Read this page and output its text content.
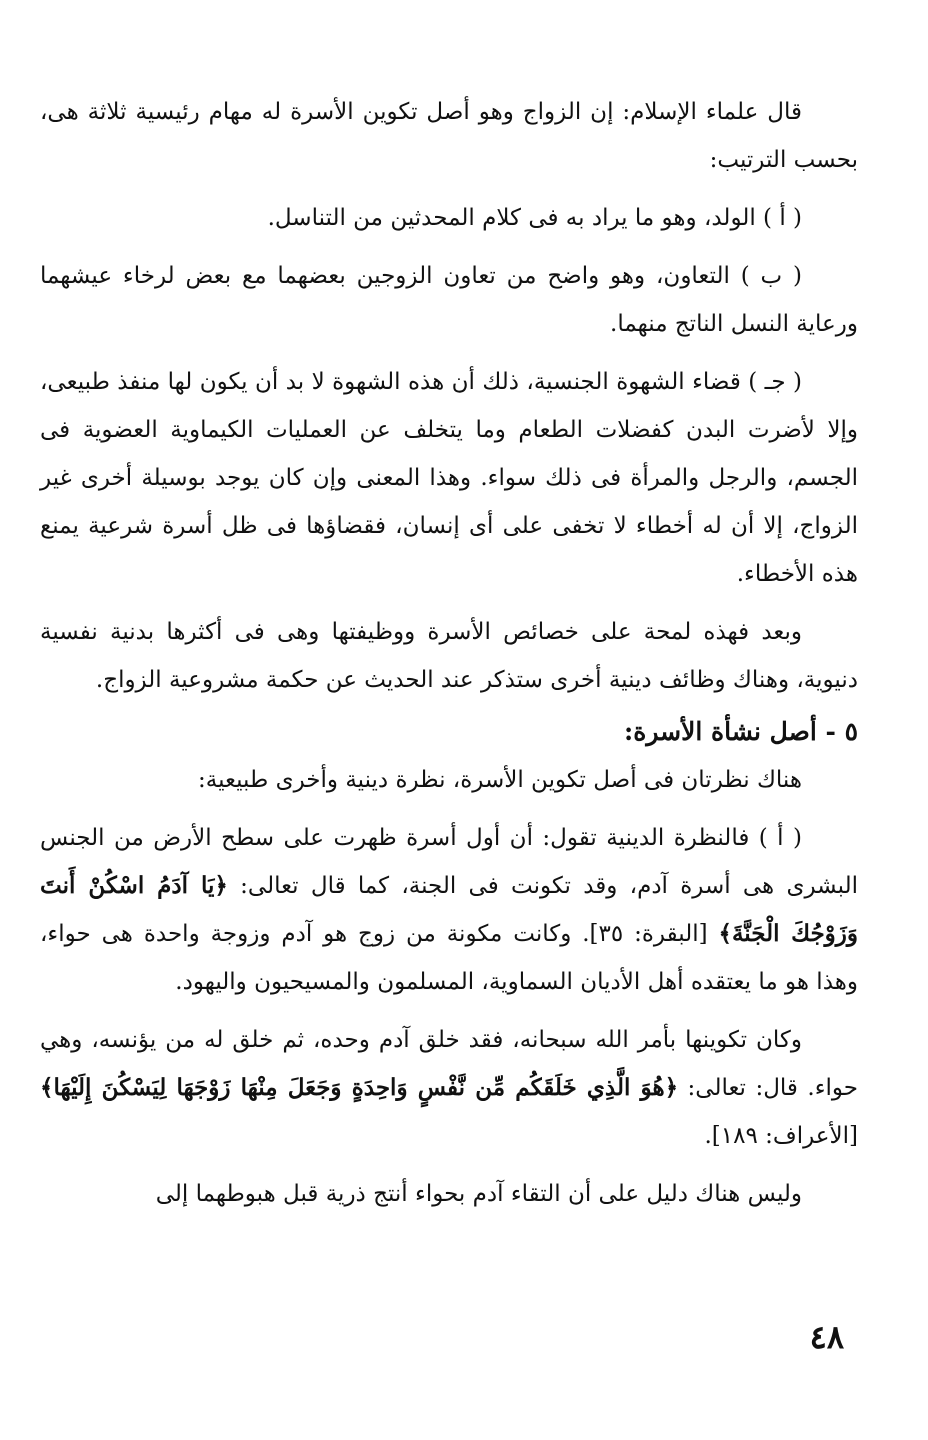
قال علماء الإسلام: إن الزواج وهو أصل تكوين الأسرة له مهام رئيسية ثلاثة هى، بحسب الترتيب:

( أ ) الولد، وهو ما يراد به فى كلام المحدثين من التناسل.

( ب ) التعاون، وهو واضح من تعاون الزوجين بعضهما مع بعض لرخاء عيشهما ورعاية النسل الناتج منهما.

( جـ ) قضاء الشهوة الجنسية، ذلك أن هذه الشهوة لا بد أن يكون لها منفذ طبيعى، وإلا لأضرت البدن كفضلات الطعام وما يتخلف عن العمليات الكيماوية العضوية فى الجسم، والرجل والمرأة فى ذلك سواء. وهذا المعنى وإن كان يوجد بوسيلة أخرى غير الزواج، إلا أن له أخطاء لا تخفى على أى إنسان، فقضاؤها فى ظل أسرة شرعية يمنع هذه الأخطاء.

وبعد فهذه لمحة على خصائص الأسرة ووظيفتها وهى فى أكثرها بدنية نفسية دنيوية، وهناك وظائف دينية أخرى ستذكر عند الحديث عن حكمة مشروعية الزواج.

٥ - أصل نشأة الأسرة:

هناك نظرتان فى أصل تكوين الأسرة، نظرة دينية وأخرى طبيعية:

( أ ) فالنظرة الدينية تقول: أن أول أسرة ظهرت على سطح الأرض من الجنس البشرى هى أسرة آدم، وقد تكونت فى الجنة، كما قال تعالى: ﴿يَا آدَمُ اسْكُنْ أَنتَ وَزَوْجُكَ الْجَنَّةَ﴾ [البقرة: ٣٥]. وكانت مكونة من زوج هو آدم وزوجة واحدة هى حواء، وهذا هو ما يعتقده أهل الأديان السماوية، المسلمون والمسيحيون واليهود.

وكان تكوينها بأمر الله سبحانه، فقد خلق آدم وحده، ثم خلق له من يؤنسه، وهي حواء. قال: تعالى: ﴿هُوَ الَّذِي خَلَقَكُم مِّن نَّفْسٍ وَاحِدَةٍ وَجَعَلَ مِنْهَا زَوْجَهَا لِيَسْكُنَ إِلَيْهَا﴾ [الأعراف: ١٨٩].

وليس هناك دليل على أن التقاء آدم بحواء أنتج ذرية قبل هبوطهما إلى

٤٨
